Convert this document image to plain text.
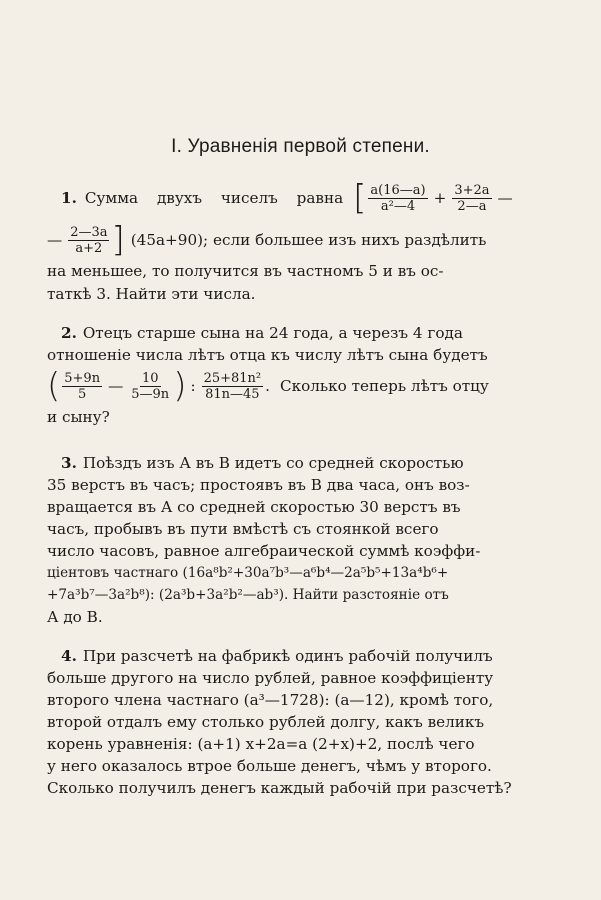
I. Уравненія первой степени.
1. Сумма двухъ чиселъ равна [ $\frac{a(16—a)}{\text{a²—4}} + \frac{3+2a}{2—a}$ —
— $\frac{2—3a}{a+2}$ ] (45a+90); если большее изъ нихъ раздѣлить
на меньшее, то получится въ частномъ 5 и въ ос-
таткѣ 3. Найти эти числа.
2. Отецъ старше сына на 24 года, а черезъ 4 года
отношеніе числа лѣтъ отца къ числу лѣтъ сына будетъ
( $\frac{5+9n}{5}$ — $\frac{10}{5—9n}$ ) : $\frac{\text{25+81n²}}{81n—45}$ . Сколько теперь лѣтъ отцу
и сыну?
3. Поѣздъ изъ А въ В идетъ со средней скоростью
35 верстъ въ часъ; простоявъ въ В два часа, онъ воз-
вращается въ А со средней скоростью 30 верстъ въ
часъ, пробывъ въ пути вмѣстѣ съ стоянкой всего
число часовъ, равное алгебраической суммѣ коэффи-
ціентовъ частнаго (16a⁸b²+30a⁷b³—a⁶b⁴—2a⁵b⁵+13a⁴b⁶+
+7a³b⁷—3a²b⁸): (2a³b+3a²b²—ab³). Найти разстояніе отъ
А до В.
4. При разсчетѣ на фабрикѣ одинъ рабочій получилъ
больше другого на число рублей, равное коэффиціенту
второго члена частнаго (a³—1728): (a—12), кромѣ того,
второй отдалъ ему столько рублей долгу, какъ великъ
корень уравненія: (a+1) x+2a=a (2+x)+2, послѣ чего
у него оказалось втрое больше денегъ, чѣмъ у второго.
Сколько получилъ денегъ каждый рабочій при разсчетѣ?
